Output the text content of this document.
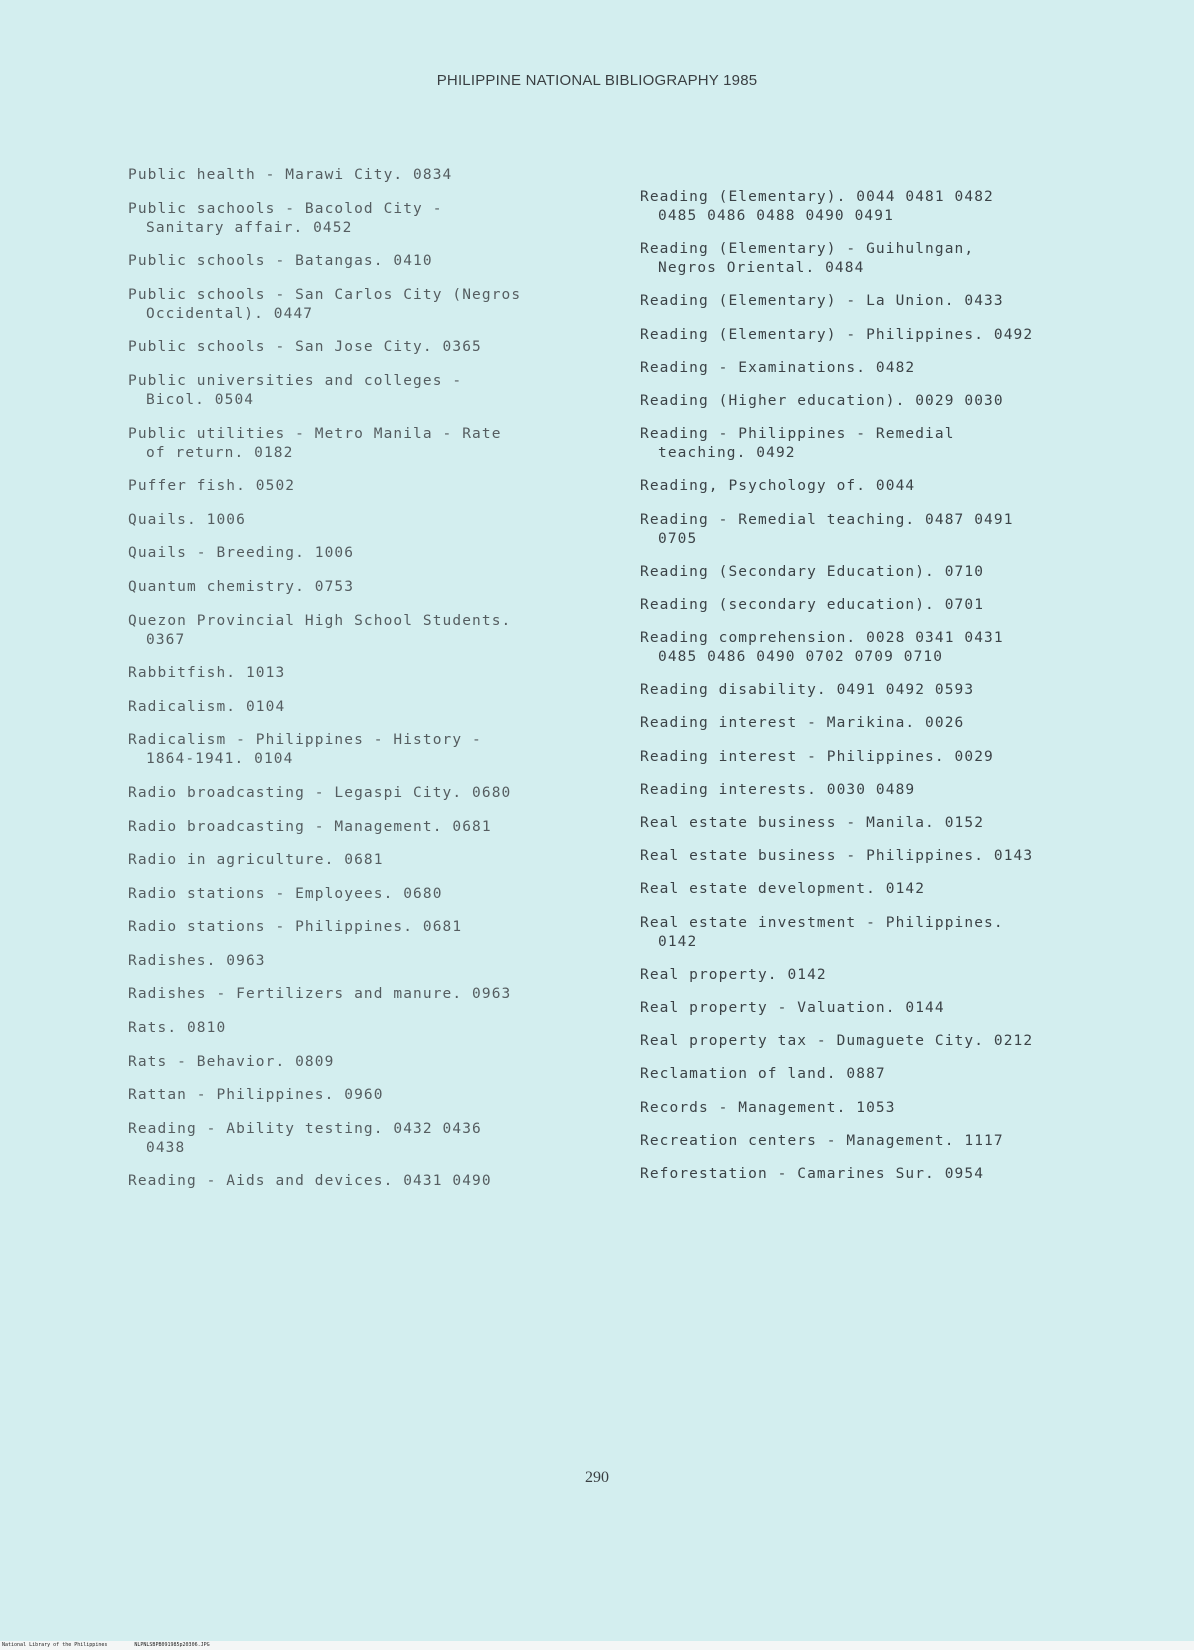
PHILIPPINE NATIONAL BIBLIOGRAPHY 1985

Public health - Marawi City. 0834

Public sachools - Bacolod City -
Sanitary affair. 0452

Public schools - Batangas. 0410

Public schools - San Carlos City (Negros
Occidental). 0447

Public schools - San Jose City. 0365

Public universities and colleges -
Bicol. 0504

Public utilities - Metro Manila - Rate
of return. 0182

Puffer fish. 0502

Quails. 1006

Quails - Breeding. 1006

Quantum chemistry. 0753

Quezon Provincial High School Students.
0367

Rabbitfish. 1013

Radicalism. 0104

Radicalism - Philippines - History -
1864-1941. 0104

Radio broadcasting - Legaspi City. 0680

Radio broadcasting - Management. 0681

Radio in agriculture. 0681

Radio stations - Employees. 0680

Radio stations - Philippines. 0681

Radishes. 0963

Radishes - Fertilizers and manure. 0963

Rats. 0810

Rats - Behavior. 0809

Rattan - Philippines. 0960

Reading - Ability testing. 0432 0436
0438

Reading - Aids and devices. 0431 0490

Reading (Elementary). 0044 0481 0482
0485 0486 0488 0490 0491

Reading (Elementary) - Guihulngan,
Negros Oriental. 0484

Reading (Elementary) - La Union. 0433

Reading (Elementary) - Philippines. 0492

Reading - Examinations. 0482

Reading (Higher education). 0029 0030

Reading - Philippines - Remedial
teaching. 0492

Reading, Psychology of. 0044

Reading - Remedial teaching. 0487 0491
0705

Reading (Secondary Education). 0710

Reading (secondary education). 0701

Reading comprehension. 0028 0341 0431
0485 0486 0490 0702 0709 0710

Reading disability. 0491 0492 0593

Reading interest - Marikina. 0026

Reading interest - Philippines. 0029

Reading interests. 0030 0489

Real estate business - Manila. 0152

Real estate business - Philippines. 0143

Real estate development. 0142

Real estate investment - Philippines.
0142

Real property. 0142

Real property - Valuation. 0144

Real property tax - Dumaguete City. 0212

Reclamation of land. 0887

Records - Management. 1053

Recreation centers - Management. 1117

Reforestation - Camarines Sur. 0954

290
National Library of the Philippines	NLPNLSBPB091985p20306.JPG
